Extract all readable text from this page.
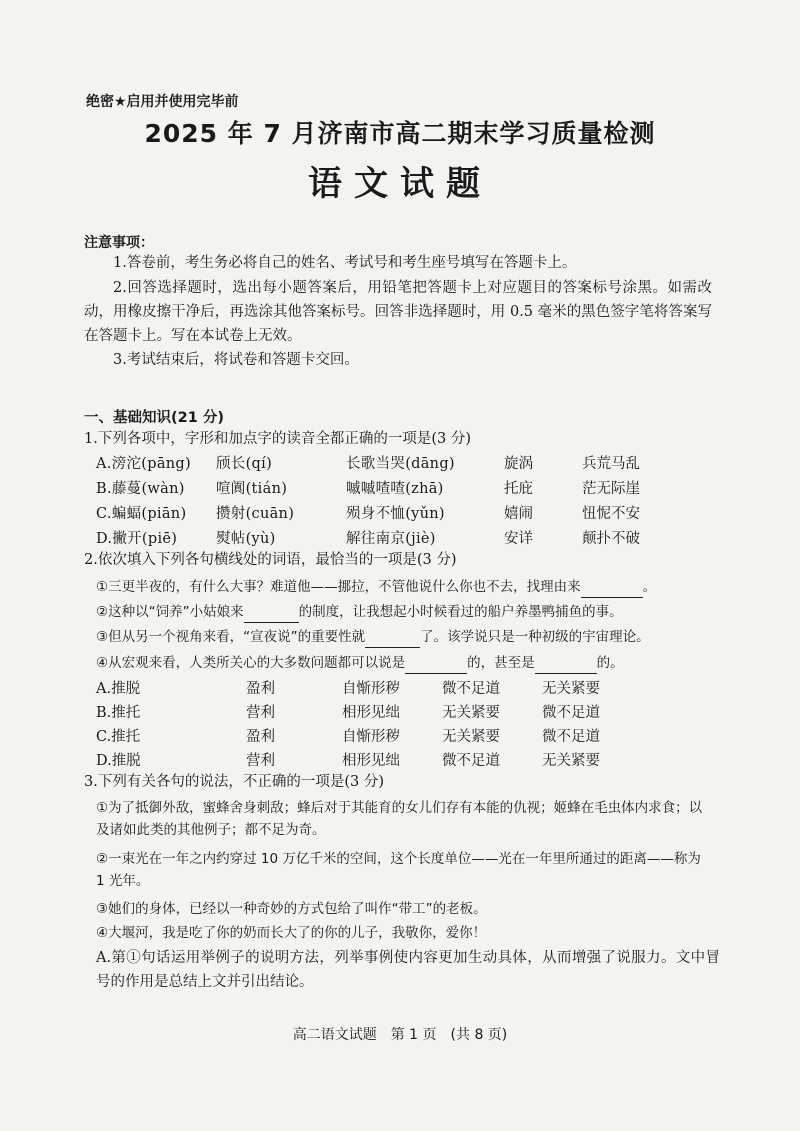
绝密★启用并使用完毕前
2025 年 7 月济南市高二期末学习质量检测
语文试题
注意事项：
1.答卷前，考生务必将自己的姓名、考试号和考生座号填写在答题卡上。
2.回答选择题时，选出每小题答案后，用铅笔把答题卡上对应题目的答案标号涂黑。如需改动，用橡皮擦干净后，再选涂其他答案标号。回答非选择题时，用 0.5 毫米的黑色签字笔将答案写在答题卡上。写在本试卷上无效。
3.考试结束后，将试卷和答题卡交回。
一、基础知识(21 分)
1.下列各项中，字形和加点字的读音全都正确的一项是(3 分)
A.滂沱(pāng) 颀长(qí)	长歌当哭(dāng)	旋涡	兵荒马乱
B.藤蔓(wàn) 喧阗(tián)	嘁嘁喳喳(zhā)	托庇	茫无际崖
C.蝙蝠(piān) 攒射(cuān)	殒身不恤(yǔn)	嬉闹	忸怩不安
D.撇开(piē)	熨帖(yù)	解往南京(jiè)	安详	颠扑不破
2.依次填入下列各句横线处的词语，最恰当的一项是(3 分)
①三更半夜的，有什么大事？难道他——挪拉，不管他说什么你也不去，找理由来	。
②这种以“饲养”小姑娘来	的制度，让我想起小时候看过的船户养墨鸭捕鱼的事。
③但从另一个视角来看，“宣夜说”的重要性就	了。该学说只是一种初级的宇宙理论。
④从宏观来看，人类所关心的大多数问题都可以说是	的，甚至是	的。
A.推脱	盈利	自惭形秽	微不足道	无关紧要
B.推托	营利	相形见绌	无关紧要	微不足道
C.推托	盈利	自惭形秽	无关紧要	微不足道
D.推脱	营利	相形见绌	微不足道	无关紧要
3.下列有关各句的说法，不正确的一项是(3 分)
①为了抵御外敌，蜜蜂舍身刺敌；蜂后对于其能育的女儿们存有本能的仇视；姬蜂在毛虫体内求食；以及诸如此类的其他例子；都不足为奇。
②一束光在一年之内约穿过 10 万亿千米的空间，这个长度单位——光在一年里所通过的距离——称为 1 光年。
③她们的身体，已经以一种奇妙的方式包给了叫作“带工”的老板。
④大堰河，我是吃了你的奶而长大了的你的儿子，我敬你，爱你！
A.第①句话运用举例子的说明方法，列举事例使内容更加生动具体，从而增强了说服力。文中冒号的作用是总结上文并引出结论。
高二语文试题　第 1 页　(共 8 页)
